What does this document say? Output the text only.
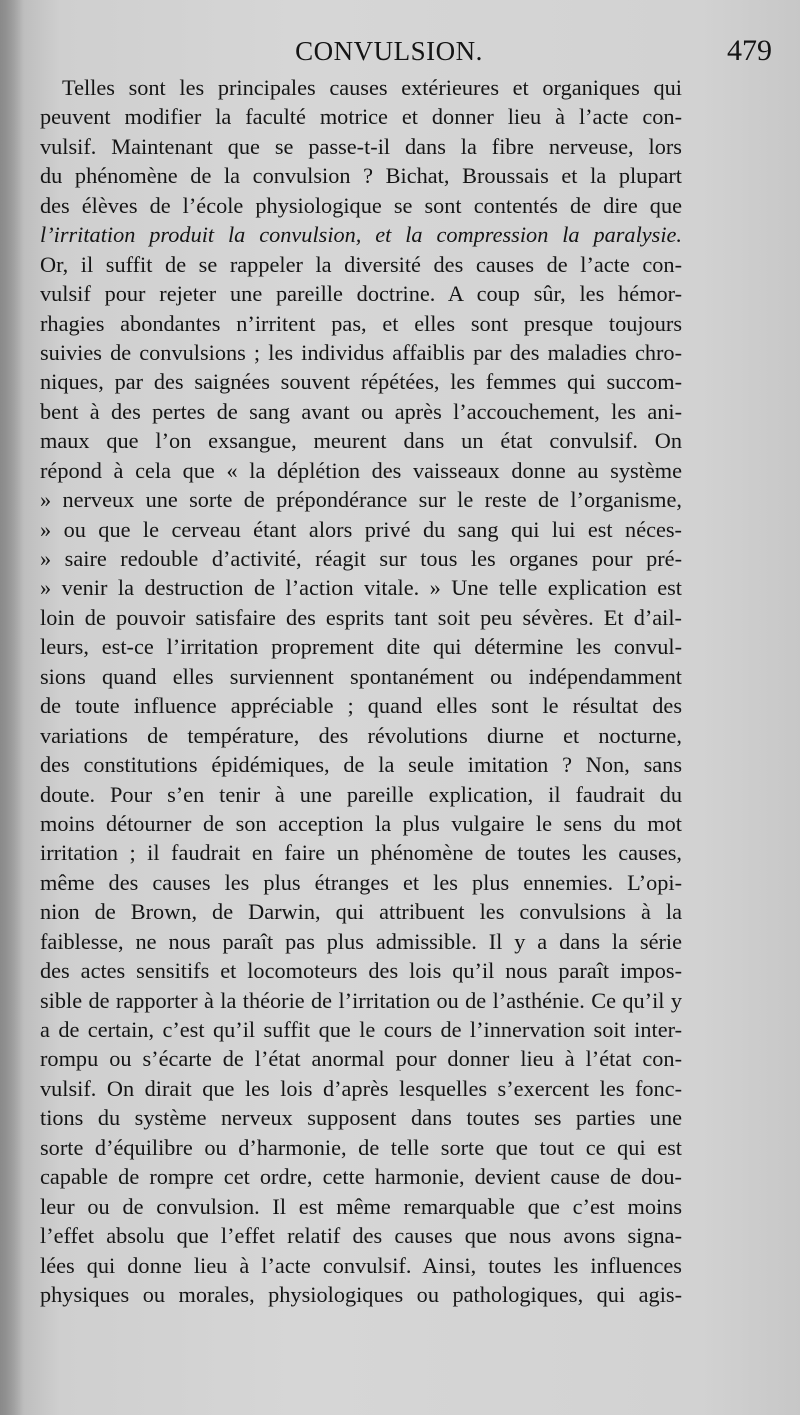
CONVULSION.	479
Telles sont les principales causes extérieures et organiques qui
peuvent modifier la faculté motrice et donner lieu à l’acte con-
vulsif. Maintenant que se passe-t-il dans la fibre nerveuse, lors
du phénomène de la convulsion ? Bichat, Broussais et la plupart
des élèves de l’école physiologique se sont contentés de dire que
l’irritation produit la convulsion, et la compression la paralysie.
Or, il suffit de se rappeler la diversité des causes de l’acte con-
vulsif pour rejeter une pareille doctrine. A coup sûr, les hémor-
rhagies abondantes n’irritent pas, et elles sont presque toujours
suivies de convulsions ; les individus affaiblis par des maladies chro-
niques, par des saignées souvent répétées, les femmes qui succom-
bent à des pertes de sang avant ou après l’accouchement, les ani-
maux que l’on exsangue, meurent dans un état convulsif. On
répond à cela que « la déplétion des vaisseaux donne au système
» nerveux une sorte de prépondérance sur le reste de l’organisme,
» ou que le cerveau étant alors privé du sang qui lui est néces-
» saire redouble d’activité, réagit sur tous les organes pour pré-
» venir la destruction de l’action vitale. » Une telle explication est
loin de pouvoir satisfaire des esprits tant soit peu sévères. Et d’ail-
leurs, est-ce l’irritation proprement dite qui détermine les convul-
sions quand elles surviennent spontanément ou indépendamment
de toute influence appréciable ; quand elles sont le résultat des
variations de température, des révolutions diurne et nocturne,
des constitutions épidémiques, de la seule imitation ? Non, sans
doute. Pour s’en tenir à une pareille explication, il faudrait du
moins détourner de son acception la plus vulgaire le sens du mot
irritation ; il faudrait en faire un phénomène de toutes les causes,
même des causes les plus étranges et les plus ennemies. L’opi-
nion de Brown, de Darwin, qui attribuent les convulsions à la
faiblesse, ne nous paraît pas plus admissible. Il y a dans la série
des actes sensitifs et locomoteurs des lois qu’il nous paraît impos-
sible de rapporter à la théorie de l’irritation ou de l’asthénie. Ce qu’il y
a de certain, c’est qu’il suffit que le cours de l’innervation soit inter-
rompu ou s’écarte de l’état anormal pour donner lieu à l’état con-
vulsif. On dirait que les lois d’après lesquelles s’exercent les fonc-
tions du système nerveux supposent dans toutes ses parties une
sorte d’équilibre ou d’harmonie, de telle sorte que tout ce qui est
capable de rompre cet ordre, cette harmonie, devient cause de dou-
leur ou de convulsion. Il est même remarquable que c’est moins
l’effet absolu que l’effet relatif des causes que nous avons signa-
lées qui donne lieu à l’acte convulsif. Ainsi, toutes les influences
physiques ou morales, physiologiques ou pathologiques, qui agis-
